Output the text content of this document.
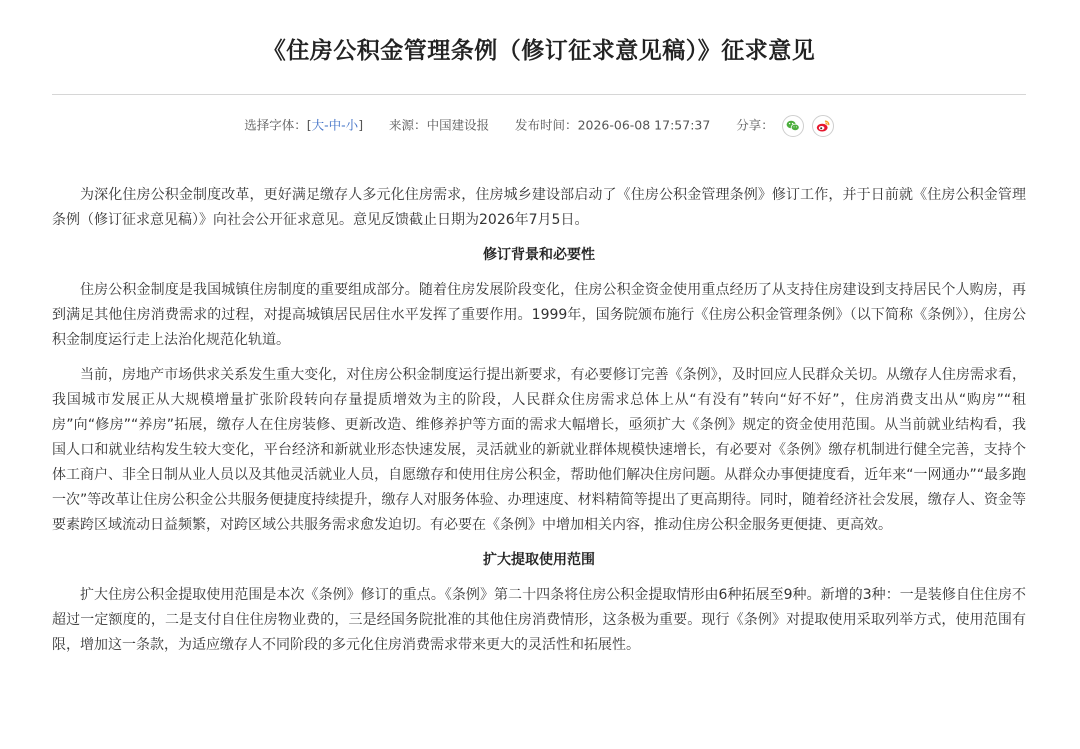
《住房公积金管理条例（修订征求意见稿）》征求意见
选择字体：[大-中-小] 来源：中国建设报 发布时间：2026-06-08 17:57:37 分享：

为深化住房公积金制度改革，更好满足缴存人多元化住房需求，住房城乡建设部启动了《住房公积金管理条例》修订工作，并于日前就《住房公积金管理条例（修订征求意见稿）》向社会公开征求意见。意见反馈截止日期为2026年7月5日。

修订背景和必要性

住房公积金制度是我国城镇住房制度的重要组成部分。随着住房发展阶段变化，住房公积金资金使用重点经历了从支持住房建设到支持居民个人购房，再到满足其他住房消费需求的过程，对提高城镇居民居住水平发挥了重要作用。1999年，国务院颁布施行《住房公积金管理条例》（以下简称《条例》），住房公积金制度运行走上法治化规范化轨道。

当前，房地产市场供求关系发生重大变化，对住房公积金制度运行提出新要求，有必要修订完善《条例》，及时回应人民群众关切。从缴存人住房需求看，我国城市发展正从大规模增量扩张阶段转向存量提质增效为主的阶段，人民群众住房需求总体上从“有没有”转向“好不好”，住房消费支出从“购房”“租房”向“修房”“养房”拓展，缴存人在住房装修、更新改造、维修养护等方面的需求大幅增长，亟须扩大《条例》规定的资金使用范围。从当前就业结构看，我国人口和就业结构发生较大变化，平台经济和新就业形态快速发展，灵活就业的新就业群体规模快速增长，有必要对《条例》缴存机制进行健全完善，支持个体工商户、非全日制从业人员以及其他灵活就业人员，自愿缴存和使用住房公积金，帮助他们解决住房问题。从群众办事便捷度看，近年来“一网通办”“最多跑一次”等改革让住房公积金公共服务便捷度持续提升，缴存人对服务体验、办理速度、材料精简等提出了更高期待。同时，随着经济社会发展，缴存人、资金等要素跨区域流动日益频繁，对跨区域公共服务需求愈发迫切。有必要在《条例》中增加相关内容，推动住房公积金服务更便捷、更高效。

扩大提取使用范围

扩大住房公积金提取使用范围是本次《条例》修订的重点。《条例》第二十四条将住房公积金提取情形由6种拓展至9种。新增的3种：一是装修自住住房不超过一定额度的，二是支付自住住房物业费的，三是经国务院批准的其他住房消费情形，这条极为重要。现行《条例》对提取使用采取列举方式，使用范围有限，增加这一条款，为适应缴存人不同阶段的多元化住房消费需求带来更大的灵活性和拓展性。
